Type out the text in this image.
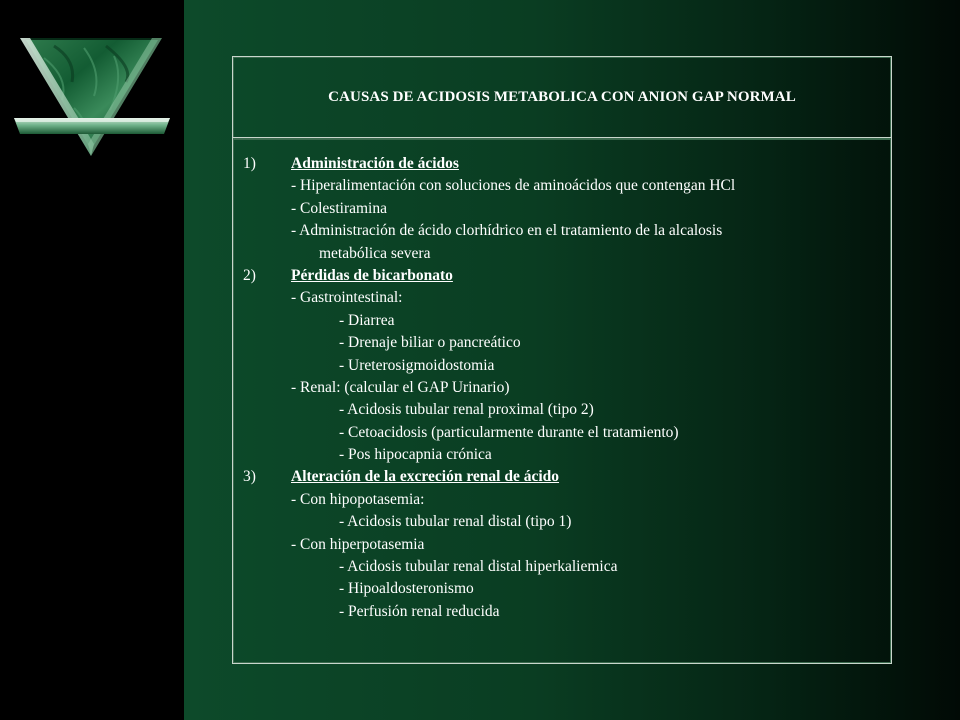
CAUSAS DE ACIDOSIS METABOLICA CON ANION GAP NORMAL
1) Administración de ácidos
- Hiperalimentación con soluciones de aminoácidos que contengan HCl
- Colestiramina
- Administración de ácido clorhídrico en el tratamiento de la alcalosis
metabólica severa
2) Pérdidas de bicarbonato
- Gastrointestinal:
- Diarrea
- Drenaje biliar o pancreático
- Ureterosigmoidostomia
- Renal: (calcular el GAP Urinario)
- Acidosis tubular renal proximal (tipo 2)
- Cetoacidosis (particularmente durante el tratamiento)
- Pos hipocapnia crónica
3) Alteración de la excreción renal de ácido
- Con hipopotasemia:
- Acidosis tubular renal distal (tipo 1)
- Con hiperpotasemia
- Acidosis tubular renal distal hiperkaliemica
- Hipoaldosteronismo
- Perfusión renal reducida
